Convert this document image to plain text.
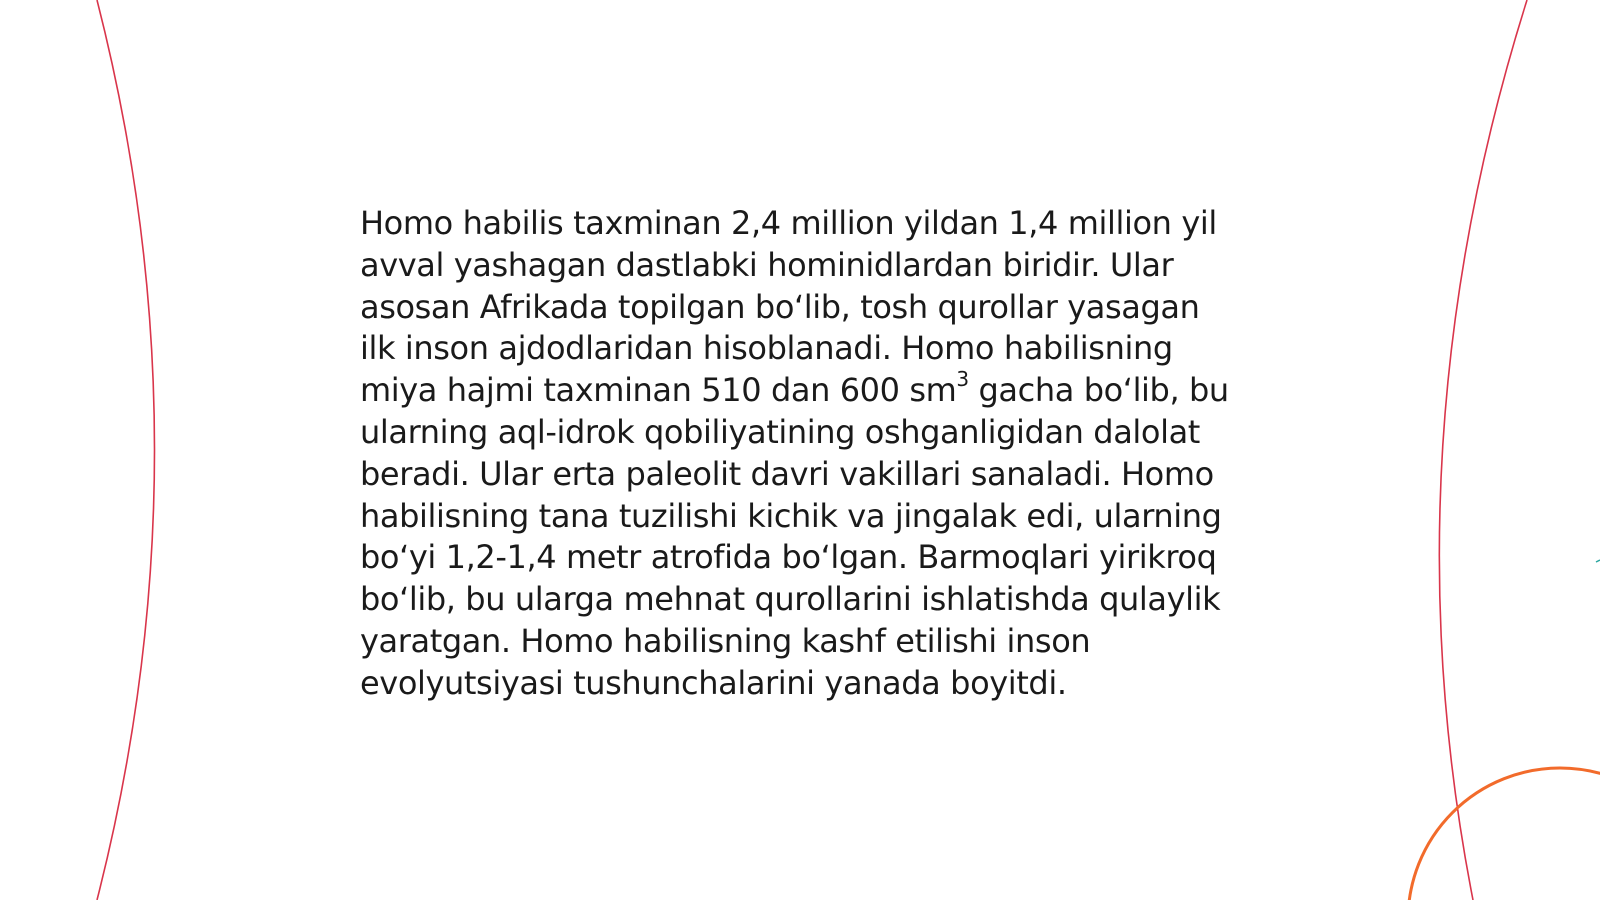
Homo habilis taxminan 2,4 million yildan 1,4 million yil avval yashagan dastlabki hominidlardan biridir. Ular asosan Afrikada topilgan bo‘lib, tosh qurollar yasagan ilk inson ajdodlaridan hisoblanadi. Homo habilisning miya hajmi taxminan 510 dan 600 $sm^3$ gacha bo‘lib, bu ularning aql-idrok qobiliyatining oshganligidan dalolat beradi. Ular erta paleolit davri vakillari sanaladi. Homo habilisning tana tuzilishi kichik va jingalak edi, ularning bo‘yi 1,2-1,4 metr atrofida bo‘lgan. Barmoqlari yirikroq bo‘lib, bu ularga mehnat qurollarini ishlatishda qulaylik yaratgan. Homo habilisning kashf etilishi inson evolyutsiyasi tushunchalarini yanada boyitdi.
